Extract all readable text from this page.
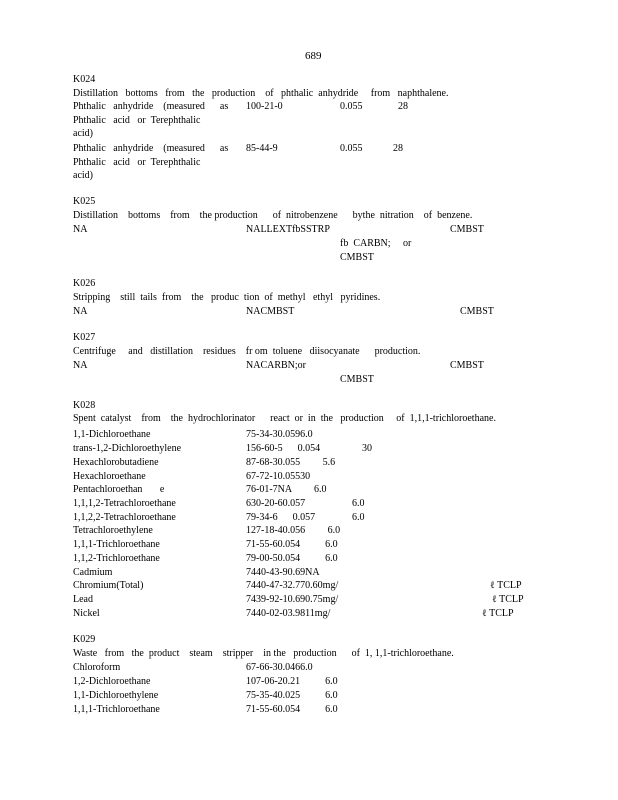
689
K024
Distillation   bottoms   from   the   production    of   phthalic  anhydride     from   naphthalene.
Phthalic   anhydride    (measured      as 100-21-0	0.055	28
Phthalic   acid   or  Terephthalic
acid)
Phthalic   anhydride    (measured      as 85-44-9	0.055	28
Phthalic   acid   or  Terephthalic
acid)
K025
Distillation    bottoms    from    the production      of  nitrobenzene      bythe  nitration    of  benzene.
NA	NALLEXTfbSSTRP	CMBST
fb  CARBN;     or
CMBST
K026
Stripping    still  tails  from    the   produc  tion  of  methyl   ethyl   pyridines.
NA	NACMBST	CMBST
K027
Centrifuge     and   distillation    residues    fr om  toluene   diisocyanate      production.
NA	NACARBN;or	CMBST
CMBST
K028
Spent  catalyst    from    the  hydrochlorinator      react  or  in  the   production     of  1,1,1-trichloroethane.
1,1-Dichloroethane	75-34-30.0596.0
trans-1,2-Dichloroethylene	156-60-5      0.054	30
Hexachlorobutadiene	87-68-30.055         5.6
Hexachloroethane	67-72-10.05530
Pentachloroethan       e	76-01-7NA         6.0
1,1,1,2-Tetrachloroethane	630-20-60.057	6.0
1,1,2,2-Tetrachloroethane	79-34-6      0.057	6.0
Tetrachloroethylene	127-18-40.056         6.0
1,1,1-Trichloroethane	71-55-60.054          6.0
1,1,2-Trichloroethane	79-00-50.054          6.0
Cadmium	7440-43-90.69NA
Chromium(Total)	7440-47-32.770.60mg/	ℓ TCLP
Lead	7439-92-10.690.75mg/	ℓ TCLP
Nickel	7440-02-03.9811mg/	ℓ TCLP
K029
Waste   from   the  product    steam    stripper    in the   production      of  1, 1,1-trichloroethane.
Chloroform	67-66-30.0466.0
1,2-Dichloroethane	107-06-20.21          6.0
1,1-Dichloroethylene	75-35-40.025          6.0
1,1,1-Trichloroethane	71-55-60.054          6.0
